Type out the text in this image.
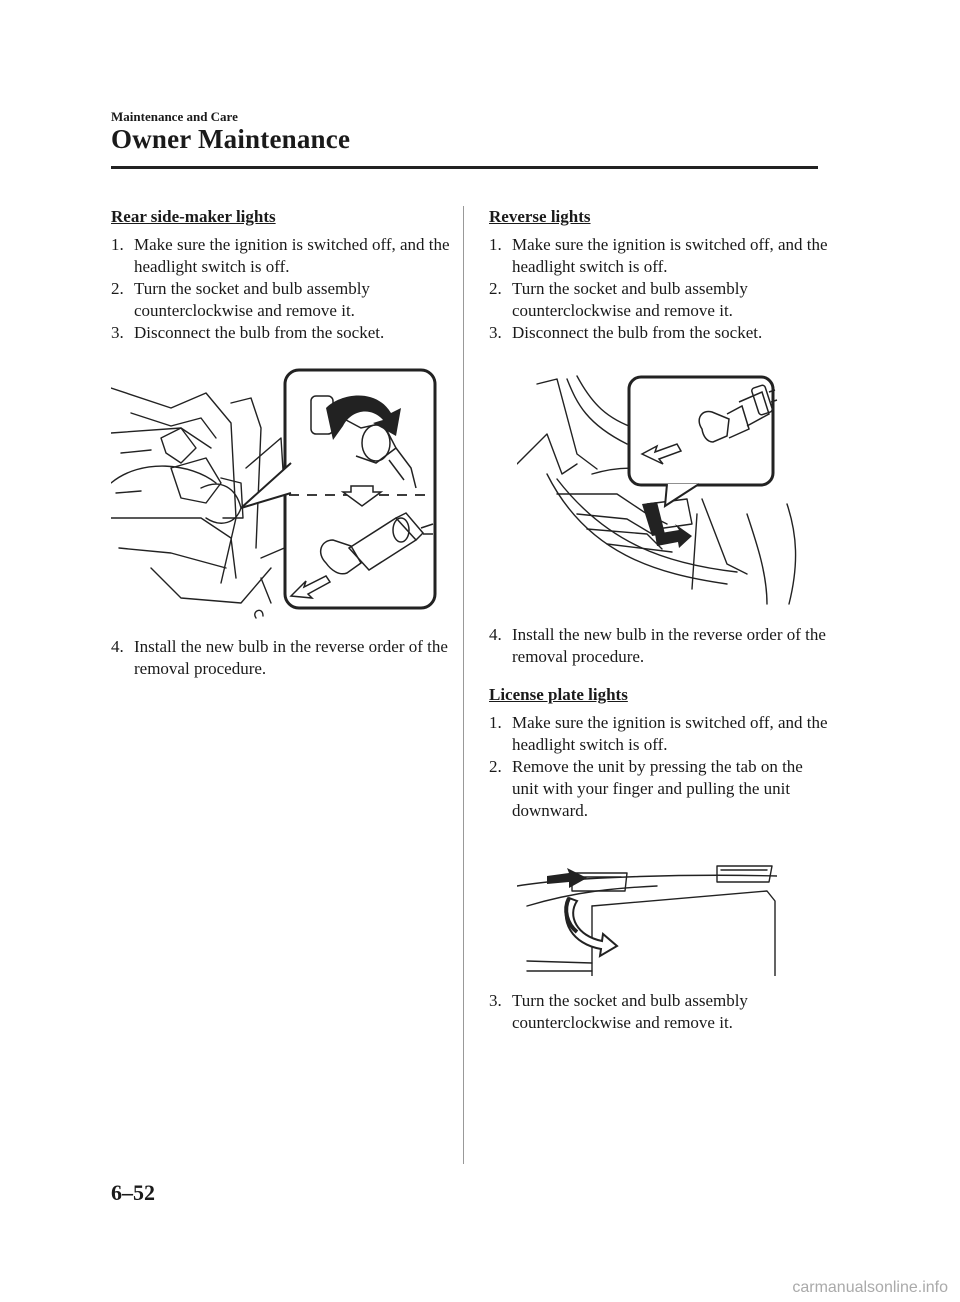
Maintenance and Care
Owner Maintenance
Rear side-maker lights
1. Make sure the ignition is switched off, and the headlight switch is off.
2. Turn the socket and bulb assembly counterclockwise and remove it.
3. Disconnect the bulb from the socket.
4. Install the new bulb in the reverse order of the removal procedure.
Reverse lights
1. Make sure the ignition is switched off, and the headlight switch is off.
2. Turn the socket and bulb assembly counterclockwise and remove it.
3. Disconnect the bulb from the socket.
4. Install the new bulb in the reverse order of the removal procedure.
License plate lights
1. Make sure the ignition is switched off, and the headlight switch is off.
2. Remove the unit by pressing the tab on the unit with your finger and pulling the unit downward.
3. Turn the socket and bulb assembly counterclockwise and remove it.
6–52
carmanualsonline.info
